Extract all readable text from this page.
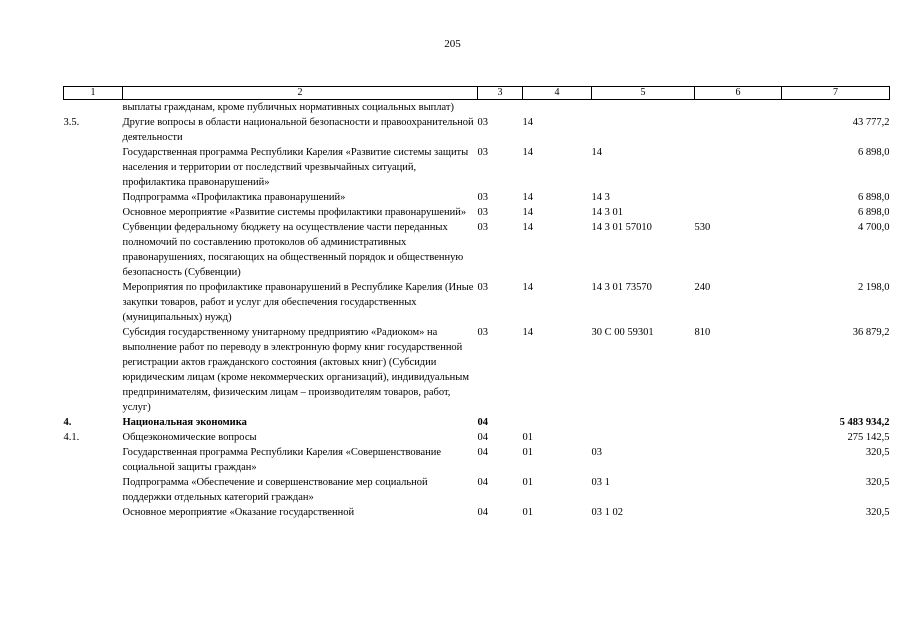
205
1	2	3	4	5	6	7
	выплаты гражданам, кроме публичных нормативных социальных выплат)					
3.5.	Другие вопросы в области национальной безопасности и правоохранительной деятельности	03	14			43 777,2
	Государственная программа Республики Карелия «Развитие системы защиты населения и территории от последствий чрезвычайных ситуаций, профилактика правонарушений»	03	14	14		6 898,0
	Подпрограмма «Профилактика правонарушений»	03	14	14 3		6 898,0
	Основное мероприятие «Развитие системы профилактики правонарушений»	03	14	14 3 01		6 898,0
	Субвенции федеральному бюджету на осуществление части переданных полномочий по составлению протоколов об административных правонарушениях, посягающих на общественный порядок и общественную безопасность (Субвенции)	03	14	14 3 01 57010	530	4 700,0
	Мероприятия по профилактике правонарушений в Республике Карелия (Иные закупки товаров, работ и услуг для обеспечения государственных (муниципальных) нужд)	03	14	14 3 01 73570	240	2 198,0
	Субсидия государственному унитарному предприятию «Радиоком» на выполнение работ по переводу в электронную форму книг государственной регистрации актов гражданского состояния (актовых книг) (Субсидии юридическим лицам (кроме некоммерческих организаций), индивидуальным предпринимателям, физическим лицам – производителям товаров, работ, услуг)	03	14	30 С 00 59301	810	36 879,2
4.	Национальная экономика	04				5 483 934,2
4.1.	Общеэкономические вопросы	04	01			275 142,5
	Государственная программа Республики Карелия «Совершенствование социальной защиты граждан»	04	01	03		320,5
	Подпрограмма «Обеспечение и совершенствование мер социальной поддержки отдельных категорий граждан»	04	01	03 1		320,5
	Основное мероприятие «Оказание государственной	04	01	03 1 02		320,5
